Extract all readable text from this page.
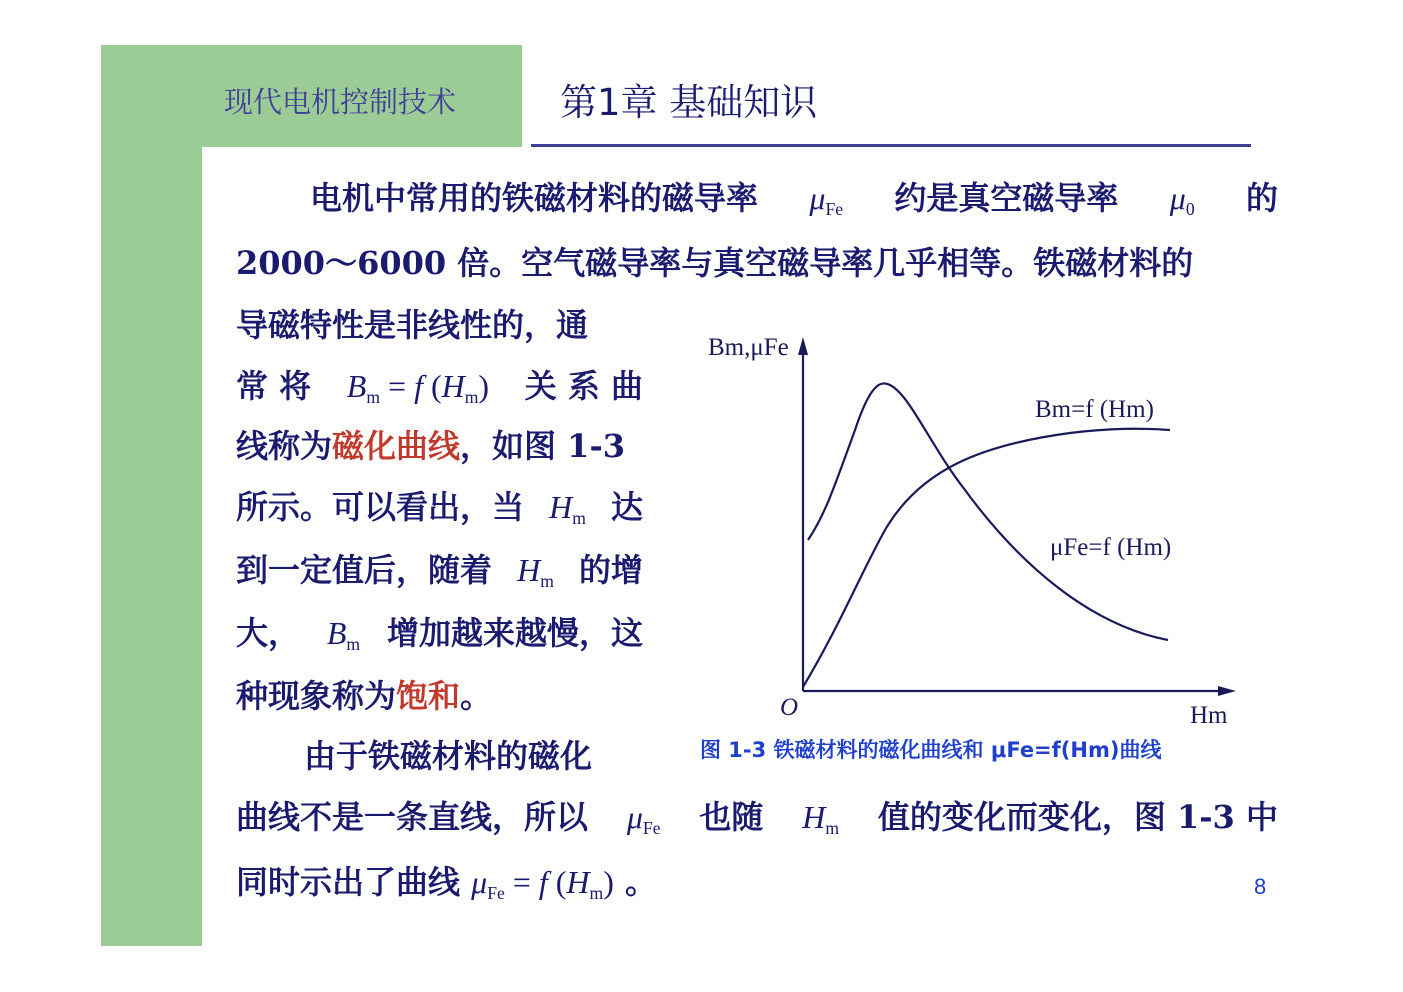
现代电机控制技术	第1章 基础知识
电机中常用的铁磁材料的磁导率 $\mu_{Fe}$ 约是真空磁导率 $\mu_0$ 的
2000～6000 倍。空气磁导率与真空磁导率几乎相等。铁磁材料的
导磁特性是非线性的，通
常 将 $B_m = f$ $(H_m)$ 关 系 曲
线称为磁化曲线，如图 1-3
所示。可以看出，当 $H_m$ 达
到一定值后，随着 $H_m$ 的增
大， $B_m$ 增加越来越慢，这
种现象称为饱和。
由于铁磁材料的磁化
曲线不是一条直线，所以 $\mu_{Fe}$ 也随 $H_m$ 值的变化而变化，图 1-3 中
同时示出了曲线 $\mu_{Fe} = f$ $(H_m)$ 。
Bm,μFe
Hm
O
Bm=f (Hm)
μFe=f (Hm)
图 1-3 铁磁材料的磁化曲线和 μFe=f(Hm)曲线
8
